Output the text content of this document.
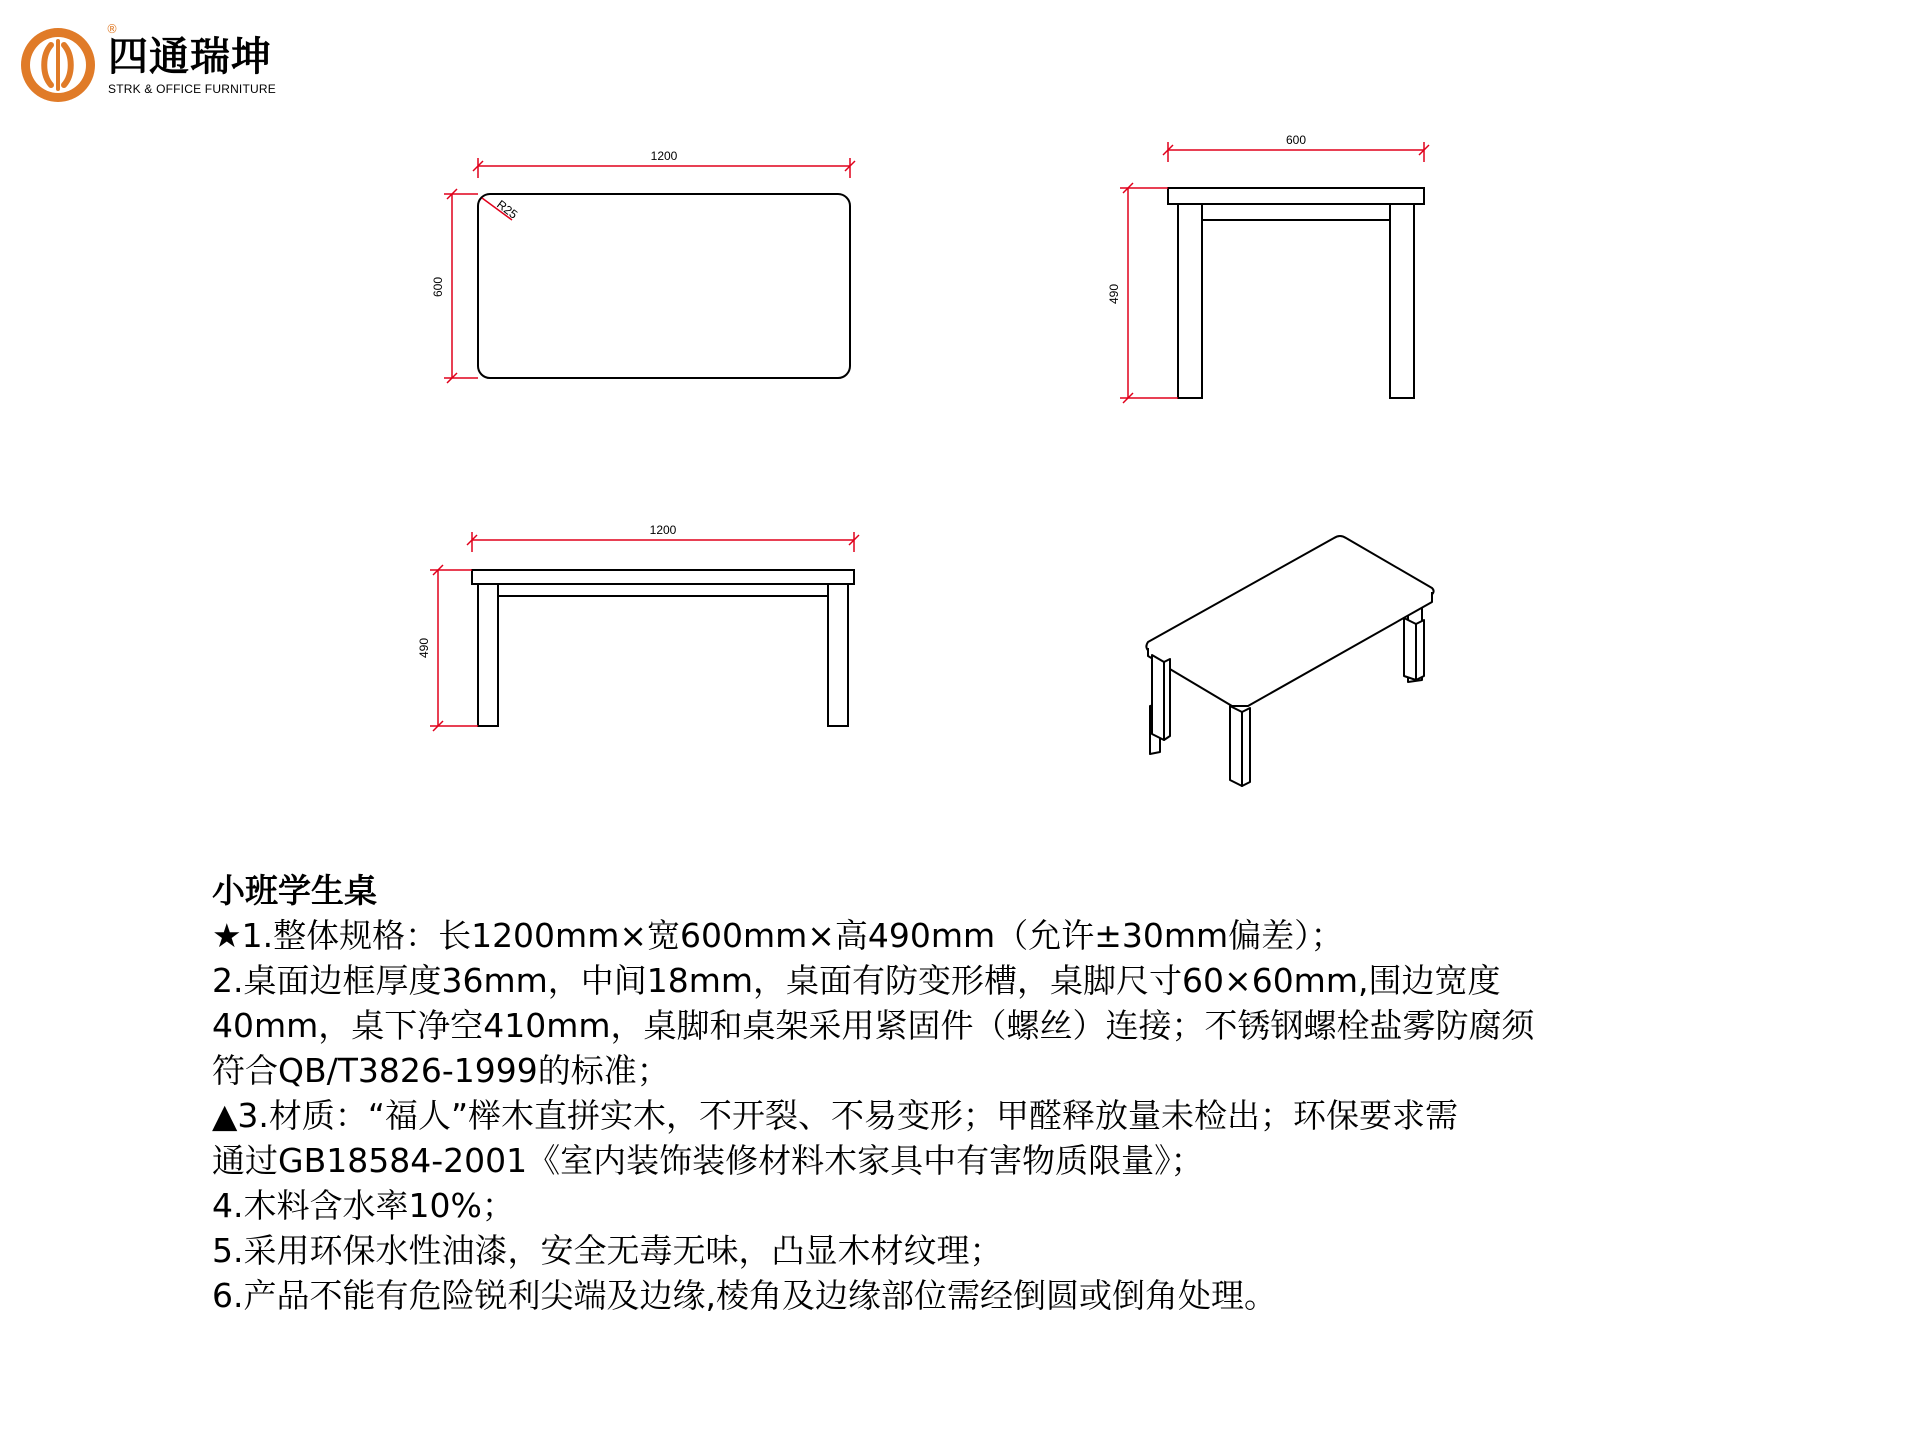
四通瑞坤
STRK & OFFICE FURNITURE
®
1200
600
R25
600
490
1200
490
小班学生桌
★1.整体规格：长1200mm×宽600mm×高490mm（允许±30mm偏差）；
2.桌面边框厚度36mm，中间18mm，桌面有防变形槽，桌脚尺寸60×60mm,围边宽度
40mm，桌下净空410mm，桌脚和桌架采用紧固件（螺丝）连接；不锈钢螺栓盐雾防腐须
符合QB/T3826-1999的标准；
▲3.材质：“福人”榉木直拼实木，不开裂、不易变形；甲醛释放量未检出；环保要求需
通过GB18584-2001《室内装饰装修材料木家具中有害物质限量》；
4.木料含水率10%；
5.采用环保水性油漆，安全无毒无味，凸显木材纹理；
6.产品不能有危险锐利尖端及边缘,棱角及边缘部位需经倒圆或倒角处理。
